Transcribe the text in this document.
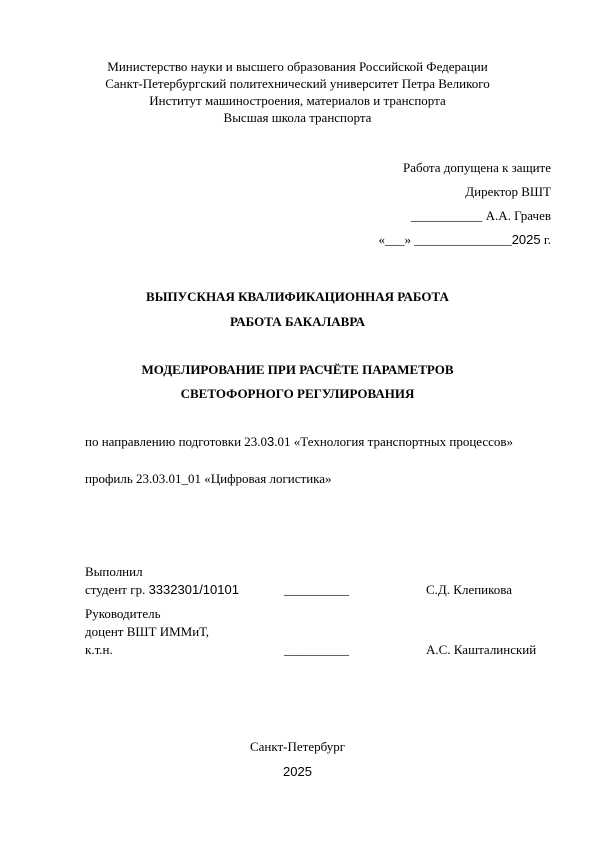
Министерство науки и высшего образования Российской Федерации
Санкт-Петербургский политехнический университет Петра Великого
Институт машиностроения, материалов и транспорта
Высшая школа транспорта
Работа допущена к защите
Директор ВШТ
___________ А.А. Грачев
«___» _______________2025 г.
ВЫПУСКНАЯ КВАЛИФИКАЦИОННАЯ РАБОТА
РАБОТА БАКАЛАВРА
МОДЕЛИРОВАНИЕ ПРИ РАСЧЁТЕ ПАРАМЕТРОВ
СВЕТОФОРНОГО РЕГУЛИРОВАНИЯ
по направлению подготовки 23.03.01 «Технология транспортных процессов»
профиль 23.03.01_01 «Цифровая логистика»
Выполнил
студент гр. 3332301/10101	__________	С.Д. Клепикова
Руководитель
доцент ВШТ ИММиТ,
к.т.н.	__________	А.С. Кашталинский
Санкт-Петербург
2025
